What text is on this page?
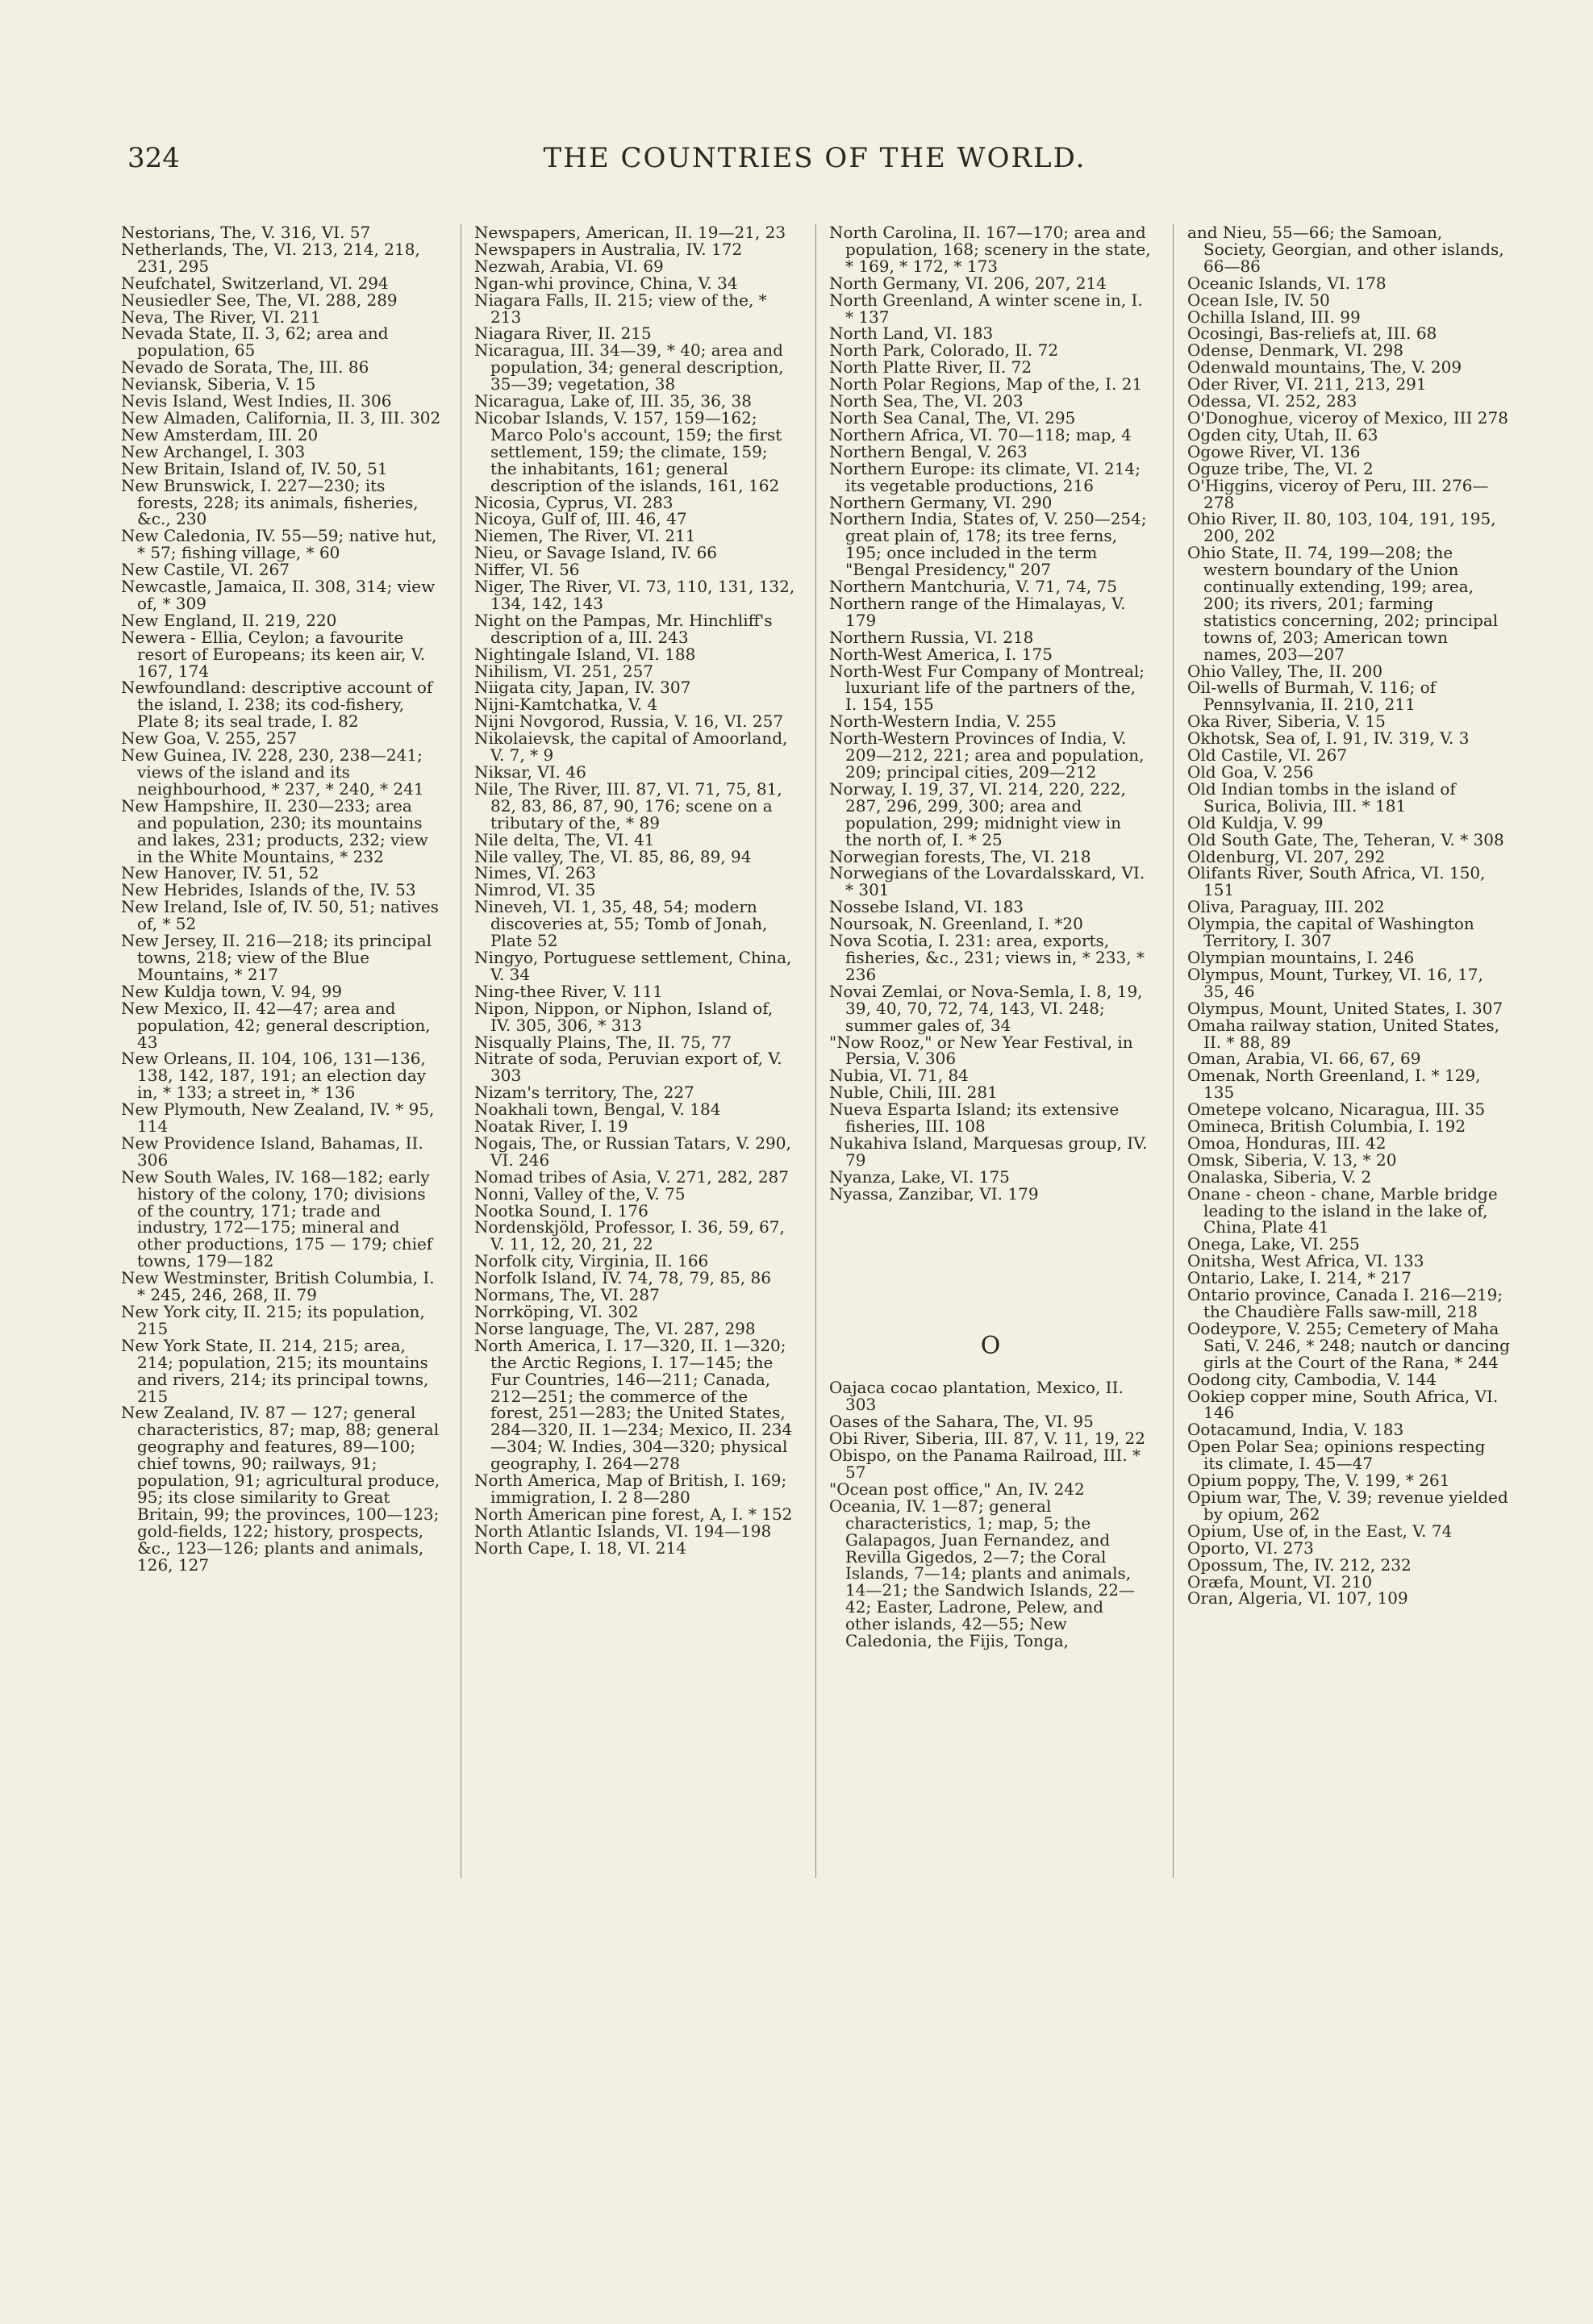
324	THE COUNTRIES OF THE WORLD.
Nestorians, The, V. 316, VI. 57
Netherlands, The, VI. 213, 214, 218, 231, 295
Neufchatel, Switzerland, VI. 294
Neusiedler See, The, VI. 288, 289
Neva, The River, VI. 211
Nevada State, II. 3, 62; area and population, 65
Nevado de Sorata, The, III. 86
Neviansk, Siberia, V. 15
Nevis Island, West Indies, II. 306
New Almaden, California, II. 3, III. 302
New Amsterdam, III. 20
New Archangel, I. 303
New Britain, Island of, IV. 50, 51
New Brunswick, I. 227—230; its forests, 228; its animals, fisheries, &c., 230
New Caledonia, IV. 55—59; native hut, * 57; fishing village, * 60
New Castile, VI. 267
Newcastle, Jamaica, II. 308, 314; view of, * 309
New England, II. 219, 220
Newera - Ellia, Ceylon; a favourite resort of Europeans; its keen air, V. 167, 174
Newfoundland: descriptive account of the island, I. 238; its cod-fishery, Plate 8; its seal trade, I. 82
New Goa, V. 255, 257
New Guinea, IV. 228, 230, 238—241; views of the island and its neighbourhood, * 237, * 240, * 241
New Hampshire, II. 230—233; area and population, 230; its mountains and lakes, 231; products, 232; view in the White Mountains, * 232
New Hanover, IV. 51, 52
New Hebrides, Islands of the, IV. 53
New Ireland, Isle of, IV. 50, 51; natives of, * 52
New Jersey, II. 216—218; its principal towns, 218; view of the Blue Mountains, * 217
New Kuldja town, V. 94, 99
New Mexico, II. 42—47; area and population, 42; general description, 43
New Orleans, II. 104, 106, 131—136, 138, 142, 187, 191; an election day in, * 133; a street in, * 136
New Plymouth, New Zealand, IV. * 95, 114
New Providence Island, Bahamas, II. 306
New South Wales, IV. 168—182; early history of the colony, 170; divisions of the country, 171; trade and industry, 172—175; mineral and other productions, 175 — 179; chief towns, 179—182
New Westminster, British Columbia, I. * 245, 246, 268, II. 79
New York city, II. 215; its population, 215
New York State, II. 214, 215; area, 214; population, 215; its mountains and rivers, 214; its principal towns, 215
New Zealand, IV. 87 — 127; general characteristics, 87; map, 88; general geography and features, 89—100; chief towns, 90; railways, 91; population, 91; agricultural produce, 95; its close similarity to Great Britain, 99; the provinces, 100—123; gold-fields, 122; history, prospects, &c., 123—126; plants and animals, 126, 127
Newspapers, American, II. 19—21, 23
Newspapers in Australia, IV. 172
Nezwah, Arabia, VI. 69
Ngan-whi province, China, V. 34
Niagara Falls, II. 215; view of the, * 213
Niagara River, II. 215
Nicaragua, III. 34—39, * 40; area and population, 34; general description, 35—39; vegetation, 38
Nicaragua, Lake of, III. 35, 36, 38
Nicobar Islands, V. 157, 159—162; Marco Polo's account, 159; the first settlement, 159; the climate, 159; the inhabitants, 161; general description of the islands, 161, 162
Nicosia, Cyprus, VI. 283
Nicoya, Gulf of, III. 46, 47
Niemen, The River, VI. 211
Nieu, or Savage Island, IV. 66
Niffer, VI. 56
Niger, The River, VI. 73, 110, 131, 132, 134, 142, 143
Night on the Pampas, Mr. Hinchliff's description of a, III. 243
Nightingale Island, VI. 188
Nihilism, VI. 251, 257
Niigata city, Japan, IV. 307
Nijni-Kamtchatka, V. 4
Nijni Novgorod, Russia, V. 16, VI. 257
Nikolaievsk, the capital of Amoorland, V. 7, * 9
Niksar, VI. 46
Nile, The River, III. 87, VI. 71, 75, 81, 82, 83, 86, 87, 90, 176; scene on a tributary of the, * 89
Nile delta, The, VI. 41
Nile valley, The, VI. 85, 86, 89, 94
Nimes, VI. 263
Nimrod, VI. 35
Nineveh, VI. 1, 35, 48, 54; modern discoveries at, 55; Tomb of Jonah, Plate 52
Ningyo, Portuguese settlement, China, V. 34
Ning-thee River, V. 111
Nipon, Nippon, or Niphon, Island of, IV. 305, 306, * 313
Nisqually Plains, The, II. 75, 77
Nitrate of soda, Peruvian export of, V. 303
Nizam's territory, The, 227
Noakhali town, Bengal, V. 184
Noatak River, I. 19
Nogais, The, or Russian Tatars, V. 290, VI. 246
Nomad tribes of Asia, V. 271, 282, 287
Nonni, Valley of the, V. 75
Nootka Sound, I. 176
Nordenskjöld, Professor, I. 36, 59, 67, V. 11, 12, 20, 21, 22
Norfolk city, Virginia, II. 166
Norfolk Island, IV. 74, 78, 79, 85, 86
Normans, The, VI. 287
Norrköping, VI. 302
Norse language, The, VI. 287, 298
North America, I. 17—320, II. 1—320; the Arctic Regions, I. 17—145; the Fur Countries, 146—211; Canada, 212—251; the commerce of the forest, 251—283; the United States, 284—320, II. 1—234; Mexico, II. 234—304; W. Indies, 304—320; physical geography, I. 264—278
North America, Map of British, I. 169; immigration, I. 2 8—280
North American pine forest, A, I. * 152
North Atlantic Islands, VI. 194—198
North Cape, I. 18, VI. 214
North Carolina, II. 167—170; area and population, 168; scenery in the state, * 169, * 172, * 173
North Germany, VI. 206, 207, 214
North Greenland, A winter scene in, I. * 137
North Land, VI. 183
North Park, Colorado, II. 72
North Platte River, II. 72
North Polar Regions, Map of the, I. 21
North Sea, The, VI. 203
North Sea Canal, The, VI. 295
Northern Africa, VI. 70—118; map, 4
Northern Bengal, V. 263
Northern Europe: its climate, VI. 214; its vegetable productions, 216
Northern Germany, VI. 290
Northern India, States of, V. 250—254; great plain of, 178; its tree ferns, 195; once included in the term "Bengal Presidency," 207
Northern Mantchuria, V. 71, 74, 75
Northern range of the Himalayas, V. 179
Northern Russia, VI. 218
North-West America, I. 175
North-West Fur Company of Montreal; luxuriant life of the partners of the, I. 154, 155
North-Western India, V. 255
North-Western Provinces of India, V. 209—212, 221; area and population, 209; principal cities, 209—212
Norway, I. 19, 37, VI. 214, 220, 222, 287, 296, 299, 300; area and population, 299; midnight view in the north of, I. * 25
Norwegian forests, The, VI. 218
Norwegians of the Lovardalsskard, VI. * 301
Nossebe Island, VI. 183
Noursoak, N. Greenland, I. *20
Nova Scotia, I. 231: area, exports, fisheries, &c., 231; views in, * 233, * 236
Novai Zemlai, or Nova-Semla, I. 8, 19, 39, 40, 70, 72, 74, 143, VI. 248; summer gales of, 34
"Now Rooz," or New Year Festival, in Persia, V. 306
Nubia, VI. 71, 84
Nuble, Chili, III. 281
Nueva Esparta Island; its extensive fisheries, III. 108
Nukahiva Island, Marquesas group, IV. 79
Nyanza, Lake, VI. 175
Nyassa, Zanzibar, VI. 179
O
Oajaca cocao plantation, Mexico, II. 303
Oases of the Sahara, The, VI. 95
Obi River, Siberia, III. 87, V. 11, 19, 22
Obispo, on the Panama Railroad, III. * 57
"Ocean post office," An, IV. 242
Oceania, IV. 1—87; general characteristics, 1; map, 5; the Galapagos, Juan Fernandez, and Revilla Gigedos, 2—7; the Coral Islands, 7—14; plants and animals, 14—21; the Sandwich Islands, 22—42; Easter, Ladrone, Pelew, and other islands, 42—55; New Caledonia, the Fijis, Tonga,
and Nieu, 55—66; the Samoan, Society, Georgian, and other islands, 66—86
Oceanic Islands, VI. 178
Ocean Isle, IV. 50
Ochilla Island, III. 99
Ocosingi, Bas-reliefs at, III. 68
Odense, Denmark, VI. 298
Odenwald mountains, The, V. 209
Oder River, VI. 211, 213, 291
Odessa, VI. 252, 283
O'Donoghue, viceroy of Mexico, III 278
Ogden city, Utah, II. 63
Ogowe River, VI. 136
Oguze tribe, The, VI. 2
O'Higgins, viceroy of Peru, III. 276—278
Ohio River, II. 80, 103, 104, 191, 195, 200, 202
Ohio State, II. 74, 199—208; the western boundary of the Union continually extending, 199; area, 200; its rivers, 201; farming statistics concerning, 202; principal towns of, 203; American town names, 203—207
Ohio Valley, The, II. 200
Oil-wells of Burmah, V. 116; of Pennsylvania, II. 210, 211
Oka River, Siberia, V. 15
Okhotsk, Sea of, I. 91, IV. 319, V. 3
Old Castile, VI. 267
Old Goa, V. 256
Old Indian tombs in the island of Surica, Bolivia, III. * 181
Old Kuldja, V. 99
Old South Gate, The, Teheran, V. * 308
Oldenburg, VI. 207, 292
Olifants River, South Africa, VI. 150, 151
Oliva, Paraguay, III. 202
Olympia, the capital of Washington Territory, I. 307
Olympian mountains, I. 246
Olympus, Mount, Turkey, VI. 16, 17, 35, 46
Olympus, Mount, United States, I. 307
Omaha railway station, United States, II. * 88, 89
Oman, Arabia, VI. 66, 67, 69
Omenak, North Greenland, I. * 129, 135
Ometepe volcano, Nicaragua, III. 35
Omineca, British Columbia, I. 192
Omoa, Honduras, III. 42
Omsk, Siberia, V. 13, * 20
Onalaska, Siberia, V. 2
Onane - cheon - chane, Marble bridge leading to the island in the lake of, China, Plate 41
Onega, Lake, VI. 255
Onitsha, West Africa, VI. 133
Ontario, Lake, I. 214, * 217
Ontario province, Canada I. 216—219; the Chaudière Falls saw-mill, 218
Oodeypore, V. 255; Cemetery of Maha Sati, V. 246, * 248; nautch or dancing girls at the Court of the Rana, * 244
Oodong city, Cambodia, V. 144
Ookiep copper mine, South Africa, VI. 146
Ootacamund, India, V. 183
Open Polar Sea; opinions respecting its climate, I. 45—47
Opium poppy, The, V. 199, * 261
Opium war, The, V. 39; revenue yielded by opium, 262
Opium, Use of, in the East, V. 74
Oporto, VI. 273
Opossum, The, IV. 212, 232
Oræfa, Mount, VI. 210
Oran, Algeria, VI. 107, 109
